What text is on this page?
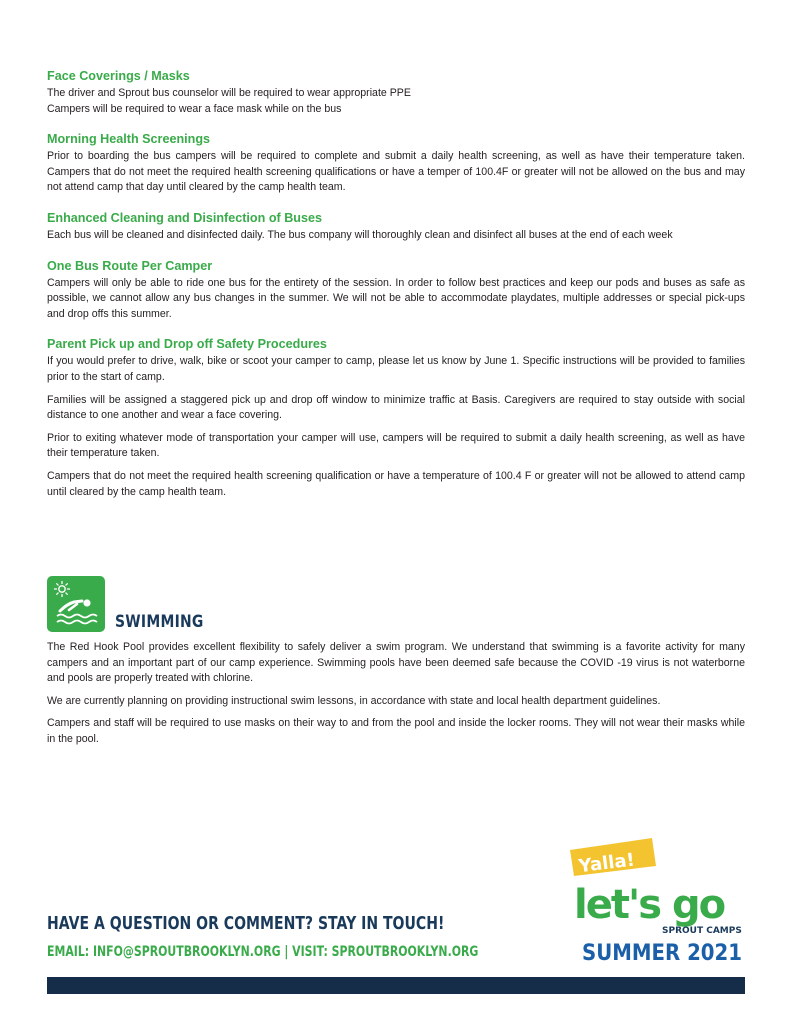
Face Coverings / Masks
The driver and Sprout bus counselor will be required to wear appropriate PPE
Campers will be required to wear a face mask while on the bus
Morning Health Screenings

Prior to boarding the bus campers will be required to complete and submit a daily health screening, as well as have their temperature taken. Campers that do not meet the required health screening qualifications or have a temper of 100.4F or greater will not be allowed on the bus and may not attend camp that day until cleared by the camp health team.

Enhanced Cleaning and Disinfection of Buses

Each bus will be cleaned and disinfected daily. The bus company will thoroughly clean and disinfect all buses at the end of each week

One Bus Route Per Camper

Campers will only be able to ride one bus for the entirety of the session. In order to follow best practices and keep our pods and buses as safe as possible, we cannot allow any bus changes in the summer. We will not be able to accommodate playdates, multiple addresses or special pick-ups and drop offs this summer.

Parent Pick up and Drop off Safety Procedures

If you would prefer to drive, walk, bike or scoot your camper to camp, please let us know by June 1. Specific instructions will be provided to families prior to the start of camp.

Families will be assigned a staggered pick up and drop off window to minimize traffic at Basis. Caregivers are required to stay outside with social distance to one another and wear a face covering.

Prior to exiting whatever mode of transportation your camper will use, campers will be required to submit a daily health screening, as well as have their temperature taken.

Campers that do not meet the required health screening qualification or have a temperature of 100.4 F or greater will not be allowed to attend camp until cleared by the camp health team.

SWIMMING

The Red Hook Pool provides excellent flexibility to safely deliver a swim program. We understand that swimming is a favorite activity for many campers and an important part of our camp experience. Swimming pools have been deemed safe because the COVID -19 virus is not waterborne and pools are properly treated with chlorine.

We are currently planning on providing instructional swim lessons, in accordance with state and local health department guidelines.

Campers and staff will be required to use masks on their way to and from the pool and inside the locker rooms. They will not wear their masks while in the pool.

HAVE A QUESTION OR COMMENT? STAY IN TOUCH!
EMAIL: INFO@SPROUTBROOKLYN.ORG | VISIT: SPROUTBROOKLYN.ORG
Yalla!
let's go
SPROUT CAMPS
SUMMER 2021
